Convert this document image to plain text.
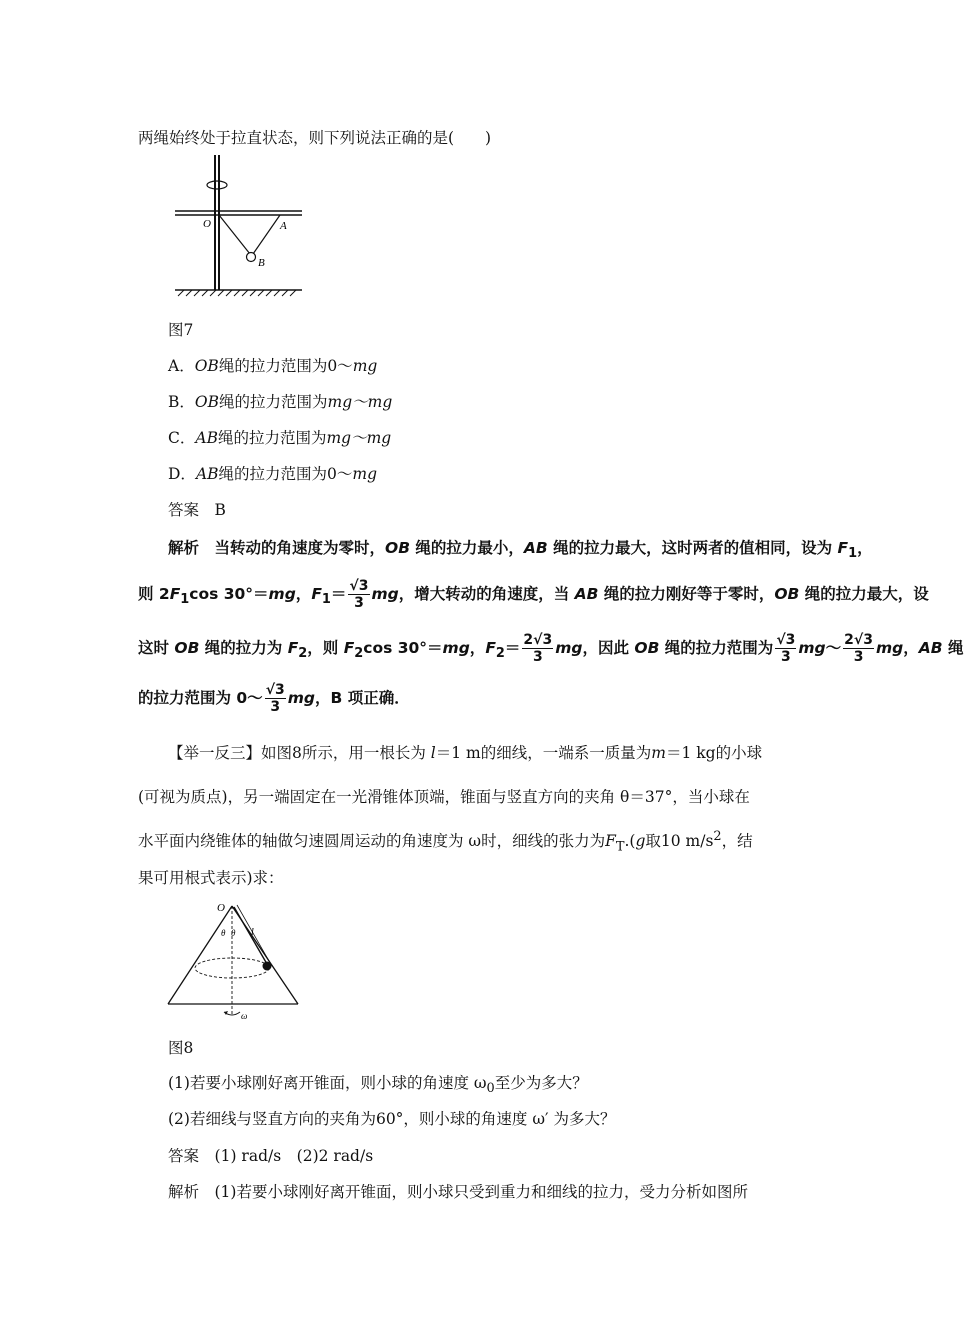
两绳始终处于拉直状态，则下列说法正确的是(　　)
O	A
B
图7
A．OB绳的拉力范围为0～mg
B．OB绳的拉力范围为mg～mg
C．AB绳的拉力范围为mg～mg
D．AB绳的拉力范围为0～mg
答案　 B
解析　当转动的角速度为零时，OB 绳的拉力最小，AB 绳的拉力最大，这时两者的值相同，设为 $F_1$，
则 $2F_1\cos$ 30°＝mg，$F_1= \frac{√3}{3}$ mg，增大转动的角速度，当 AB 绳的拉力刚好等于零时，OB 绳的拉力最大，设
这时 OB 绳的拉力为 $F_2$，则 $F_2\cos$ 30°＝mg，$F_2= \frac{2√3}{3}$ mg，因此 OB 绳的拉力范围为 $\frac{√3}{3}$ mg～ $\frac{2√3}{3}$ mg，AB 绳
的拉力范围为 0～ $\frac{√3}{3}$ mg，B 项正确．
【举一反三】如图8所示，用一根长为 l＝1 m的细线，一端系一质量为m＝1 kg的小球
(可视为质点)，另一端固定在一光滑锥体顶端，锥面与竖直方向的夹角 θ＝37°，当小球在
水平面内绕锥体的轴做匀速圆周运动的角速度为 ω时，细线的张力为$F_T.(g$取10 $m/s^2$，结
果可用根式表示)求：
O
θ θ l
ω
图8
(1)若要小球刚好离开锥面，则小球的角速度 $\omega_0$至少为多大？
(2)若细线与竖直方向的夹角为60°，则小球的角速度 ω′ 为多大？
答案　 (1) rad/s　(2)2 rad/s
解析　(1)若要小球刚好离开锥面，则小球只受到重力和细线的拉力，受力分析如图所
